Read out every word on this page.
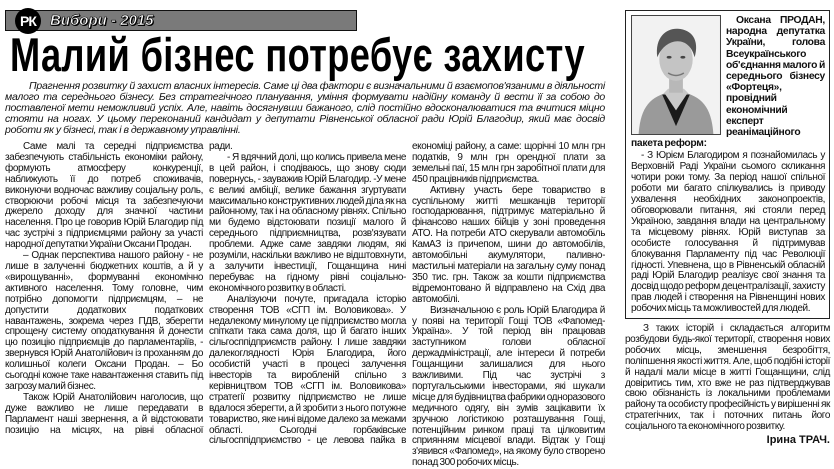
РК Вибори - 2015
Малий бізнес потребує захисту

Прагнення розвитку й захист власних інтересів. Саме ці два фактори є визначальними й взаємопов'язаними в діяльності малого та середнього бізнесу. Без стратегічного планування, уміння формувати надійну команду й вести її за собою до поставленої мети неможливий успіх. Але, навіть досягнувши бажаного, слід постійно вдосконалюватися та вчитися міцно стояти на ногах. У цьому переконаний кандидат у депутати Рівненської обласної ради Юрій Благодир, який має досвід роботи як у бізнесі, так і в державному управлінні.

Саме малі та середні підприємства забезпечують стабільність економіки району, формують атмосферу конкуренції, наближують її до потреб споживачів, виконуючи водночас важливу соціальну роль, створюючи робочі місця та забезпечуючи джерело доходу для значної частини населення. Про це говорив Юрій Благодир під час зустрічі з підприємцями району за участі народної депутатки України Оксани Продан.

– Однак перспектива нашого району - не лише в залученні бюджетних коштів, а й у «вирощуванні», формуванні економічно активного населення. Тому головне, чим потрібно допомогти підприємцям, – не допустити додаткових податкових навантажень, зокрема через ПДВ, зберегти спрощену систему оподаткування й донести цю позицію підприємців до парламентаріїв, - звернувся Юрій Анатолійович із проханням до колишньої колеги Оксани Продан. – Бо сьогодні кожне таке навантаження ставить під загрозу малий бізнес.

Також Юрій Анатолійович наголосив, що дуже важливо не лише передавати в Парламент наші звернення, а й відстоювати позицію на місцях, на рівні обласної

ради.

- Я вдячний долі, що колись привела мене в цей район, і сподіваюсь, що знову сюди повернусь, - зауважив Юрій Благодир. -У мене є великі амбіції, велике бажання згуртувати максимально конструктивних людей діла як на районному, так і на обласному рівнях. Спільно ми будемо відстоювати позиції малого й середнього підприємництва, розв'язувати проблеми. Адже саме завдяки людям, які розуміли, наскільки важливо не відштовхнути, а залучити інвестиції, Гощанщина нині перебуває на гідному рівні соціально-економічного розвитку в області.

Аналізуючи почуте, пригадала історію створення ТОВ «СГП ім. Воловикова». У недалекому минулому це підприємство могла спіткати така сама доля, що й багато інших сільгосппідприємств району. І лише завдяки далекоглядності Юрія Благодира, його особистій участі в процесі залучення інвесторів та виробленій спільно з керівництвом ТОВ «СГП ім. Воловикова» стратегії розвитку підприємство не лише вдалося зберегти, а й зробити з нього потужне товариство, яке нині відоме далеко за межами області. Сьогодні горбаківське сільгосппідприємство - це левова пайка в

економіці району, а саме: щорічні 10 млн грн податків, 9 млн грн орендної плати за земельні паї, 15 млн грн заробітної плати для 450 працівників підприємства.

Активну участь бере товариство в суспільному житті мешканців території господарювання, підтримує матеріально й фінансово наших бійців у зоні проведення АТО. На потреби АТО скерували автомобіль КамАЗ із причепом, шини до автомобілів, автомобільні акумулятори, паливно-мастильні матеріали на загальну суму понад 350 тис. грн. Також за кошти підприємства відремонтовано й відправлено на Схід два автомобілі.

Визначальною є роль Юрій Благодира й у появі на території Гощі ТОВ «Фапомед-Україна». У той період він працював заступником голови обласної держадміністрації, але інтереси й потреби Гощанщини залишалися для нього важливими. Під час зустрічі з португальськими інвесторами, які шукали місце для будівництва фабрики одноразового медичного одягу, він зумів зацікавити їх зручною логістикою розташування Гощі, потенційним ринком праці та цілковитим сприянням місцевої влади. Відтак у Гощі з'явився «Фапомед», на якому було створено понад 300 робочих місць.

Оксана ПРОДАН, народна депутатка України, голова Всеукраїнського об'єднання малого й середнього бізнесу «Фортеця», провідний економічний експерт реанімаційного пакета реформ:

- З Юрієм Благодиром я познайомилась у Верховній Раді України сьомого скликання чотири роки тому. За період нашої спільної роботи ми багато спілкувались із приводу ухвалення необхідних законопроектів, обговорювали питання, які стояли перед Україною, завдання влади на центральному та місцевому рівнях. Юрій виступав за особисте голосування й підтримував блокування Парламенту під час Революції гідності. Упевнена, що в Рівненській обласній раді Юрій Благодир реалізує свої знання та досвід щодо реформ децентралізації, захисту прав людей і створення на Рівненщині нових робочих місць та можливостей для людей.

З таких історій і складається алгоритм розбудови будь-якої території, створення нових робочих місць, зменшення безробіття, поліпшення якості життя. Але, щоб подібні історії й надалі мали місце в житті Гощанщини, слід довіритись тим, хто вже не раз підтверджував свою обізнаність із локальними проблемами району та особисту професійність у вирішенні як стратегічних, так і поточних питань його соціального та економічного розвитку.

Ірина ТРАЧ.
